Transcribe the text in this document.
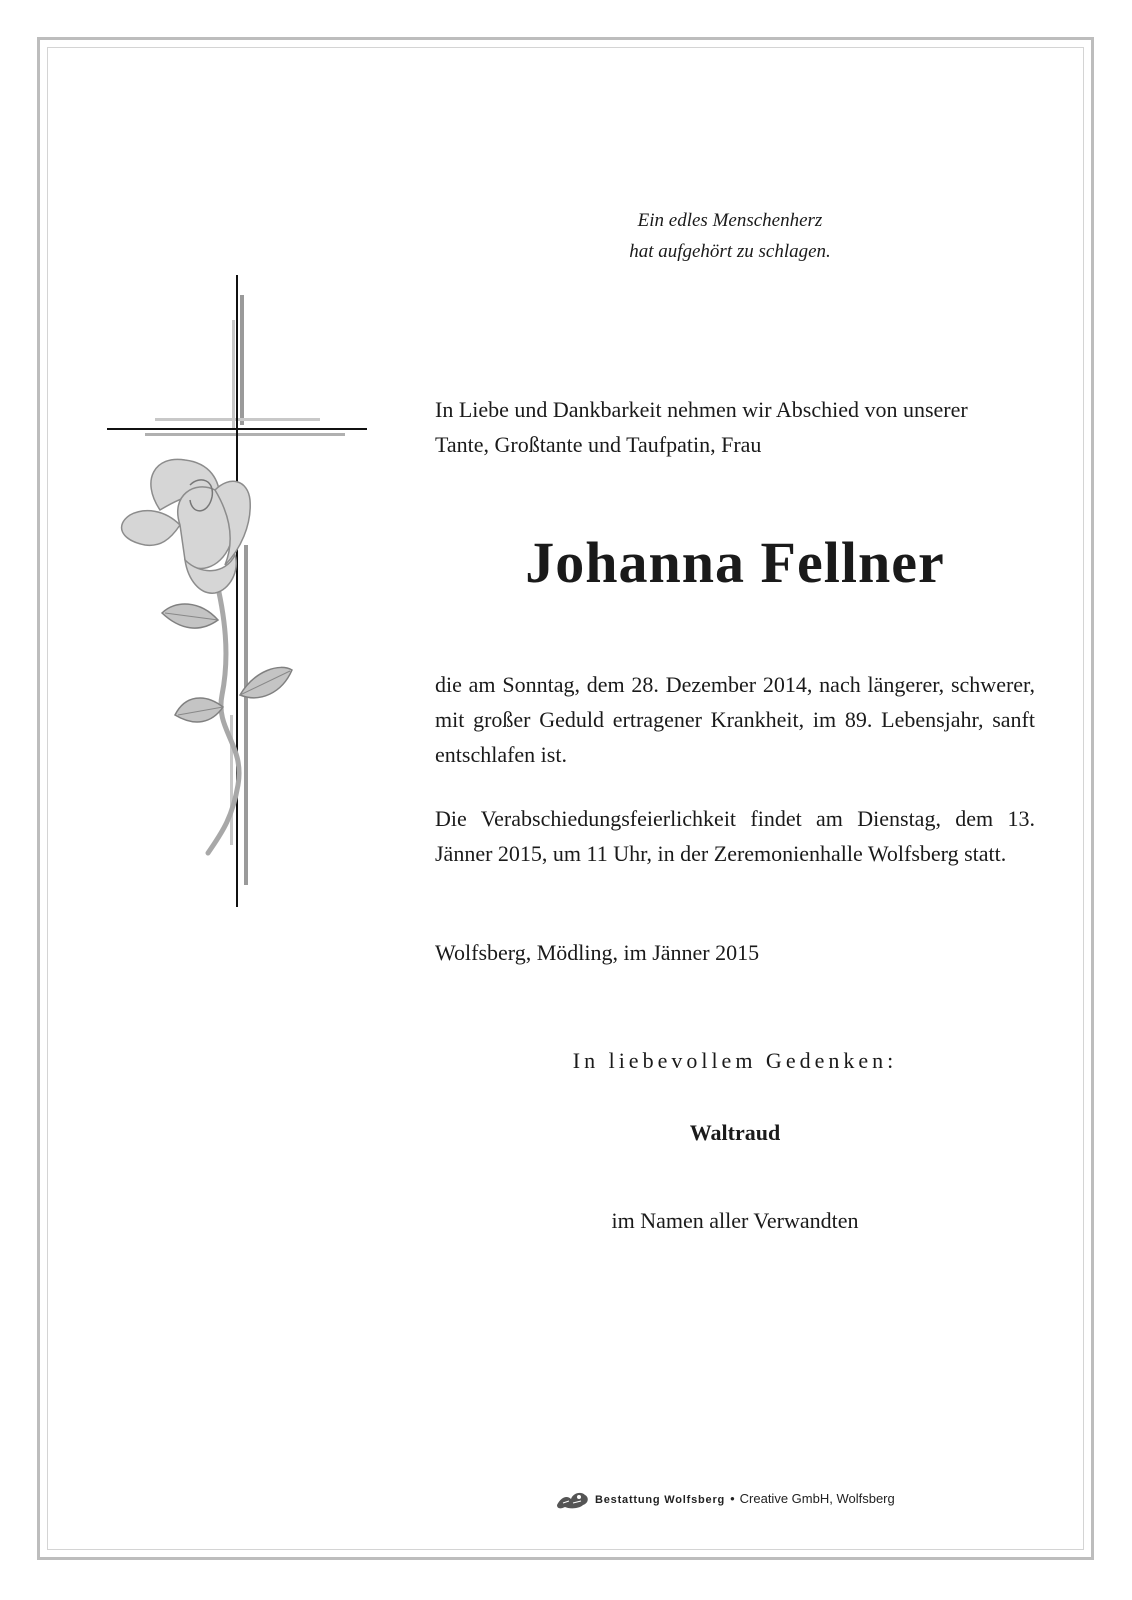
Ein edles Menschenherz
hat aufgehört zu schlagen.
In Liebe und Dankbarkeit nehmen wir Abschied von unserer
Tante, Großtante und Taufpatin, Frau
Johanna Fellner
die am Sonntag, dem 28. Dezember 2014, nach längerer, schwerer, mit großer Geduld ertragener Krankheit, im 89. Lebensjahr, sanft entschlafen ist.
Die Verabschiedungsfeierlichkeit findet am Dienstag, dem 13. Jänner 2015, um 11 Uhr, in der Zeremonienhalle Wolfsberg statt.
Wolfsberg, Mödling, im Jänner 2015
In liebevollem Gedenken:
Waltraud
im Namen aller Verwandten
Bestattung Wolfsberg • Creative GmbH, Wolfsberg
